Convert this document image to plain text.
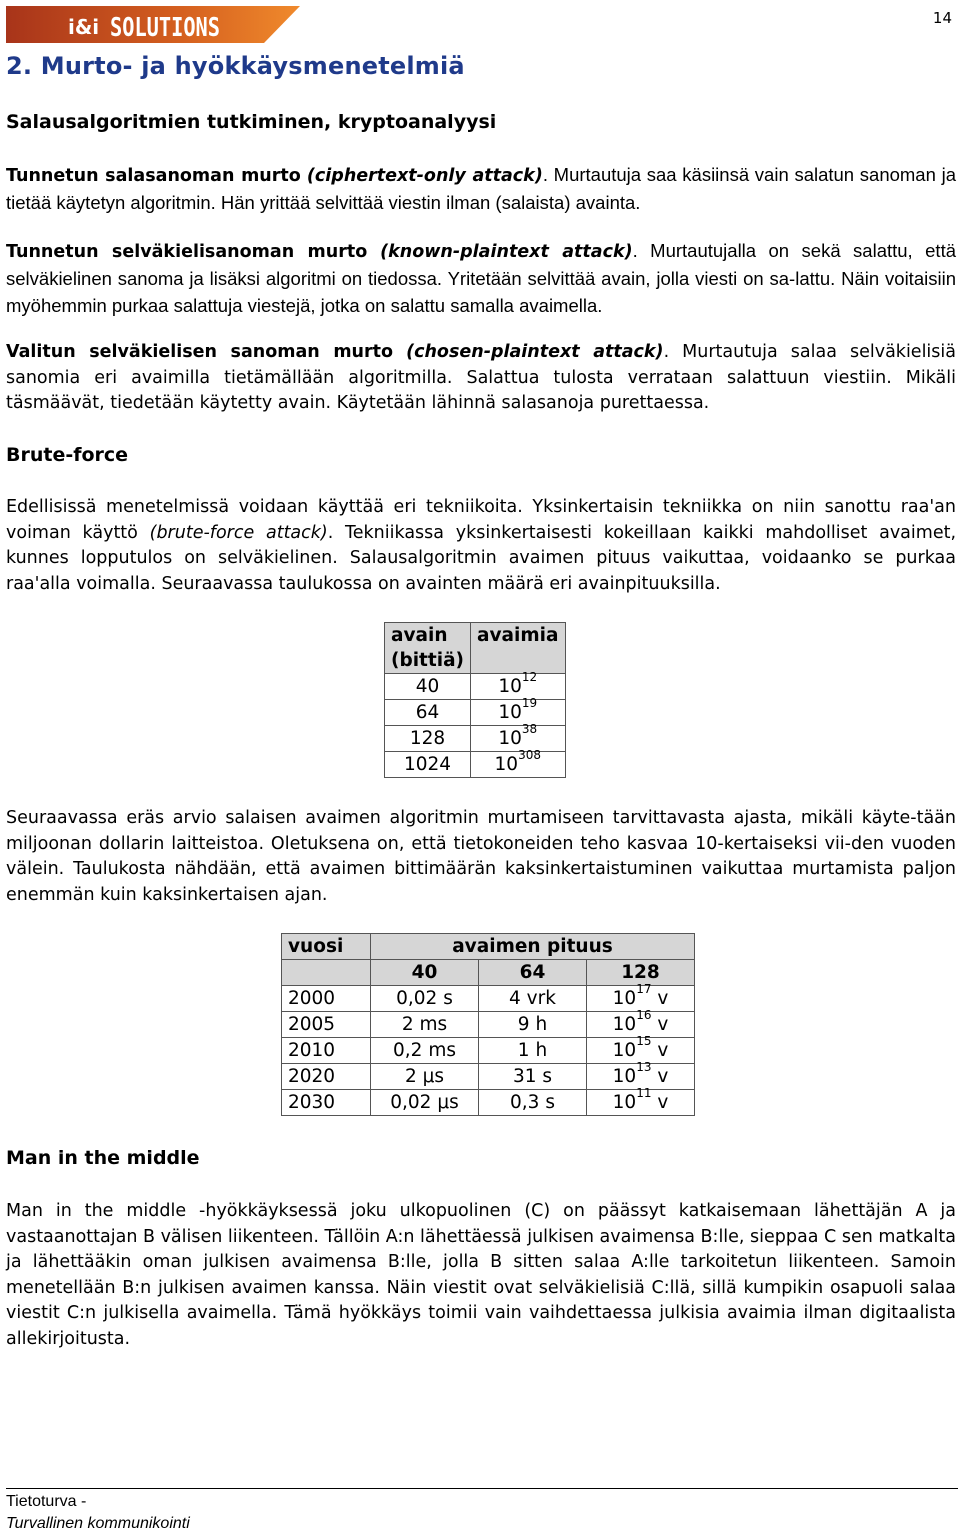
i&i SOLUTIONS	14
2. Murto- ja hyökkäysmenetelmiä
Salausalgoritmien tutkiminen, kryptoanalyysi

Tunnetun salasanoman murto (ciphertext-only attack). Murtautuja saa käsiinsä vain salatun sanoman ja tietää käytetyn algoritmin. Hän yrittää selvittää viestin ilman (salaista) avainta.

Tunnetun selväkielisanoman murto (known-plaintext attack). Murtautujalla on sekä salattu, että selväkielinen sanoma ja lisäksi algoritmi on tiedossa. Yritetään selvittää avain, jolla viesti on sa-lattu. Näin voitaisiin myöhemmin purkaa salattuja viestejä, jotka on salattu samalla avaimella.

Valitun selväkielisen sanoman murto (chosen-plaintext attack). Murtautuja salaa selväkielisiä sanomia eri avaimilla tietämällään algoritmilla. Salattua tulosta verrataan salattuun viestiin. Mikäli täsmäävät, tiedetään käytetty avain. Käytetään lähinnä salasanoja purettaessa.

Brute-force

Edellisissä menetelmissä voidaan käyttää eri tekniikoita. Yksinkertaisin tekniikka on niin sanottu raa'an voiman käyttö (brute-force attack). Tekniikassa yksinkertaisesti kokeillaan kaikki mahdolliset avaimet, kunnes lopputulos on selväkielinen. Salausalgoritmin avaimen pituus vaikuttaa, voidaanko se purkaa raa'alla voimalla. Seuraavassa taulukossa on avainten määrä eri avainpituuksilla.

avain (bittiä)	avaimia
40	$10^{12}$
64	$10^{19}$
128	$10^{38}$
1024	$10^{308}$

Seuraavassa eräs arvio salaisen avaimen algoritmin murtamiseen tarvittavasta ajasta, mikäli käyte-tään miljoonan dollarin laitteistoa. Oletuksena on, että tietokoneiden teho kasvaa 10-kertaiseksi vii-den vuoden välein. Taulukosta nähdään, että avaimen bittimäärän kaksinkertaistuminen vaikuttaa murtamista paljon enemmän kuin kaksinkertaisen ajan.

vuosi	avaimen pituus		
	40	64	128
2000	0,02 s	4 vrk	$10^{17}$ v
2005	2 ms	9 h	$10^{16}$ v
2010	0,2 ms	1 h	$10^{15}$ v
2020	2 μs	31 s	$10^{13}$ v
2030	0,02 μs	0,3 s	$10^{11}$ v
Man in the middle

Man in the middle -hyökkäyksessä joku ulkopuolinen (C) on päässyt katkaisemaan lähettäjän A ja vastaanottajan B välisen liikenteen. Tällöin A:n lähettäessä julkisen avaimensa B:lle, sieppaa C sen matkalta ja lähettääkin oman julkisen avaimensa B:lle, jolla B sitten salaa A:lle tarkoitetun liikenteen. Samoin menetellään B:n julkisen avaimen kanssa. Näin viestit ovat selväkielisiä C:llä, sillä kumpikin osapuoli salaa viestit C:n julkisella avaimella. Tämä hyökkäys toimii vain vaihdettaessa julkisia avaimia ilman digitaalista allekirjoitusta.

Tietoturva -
Turvallinen kommunikointi
